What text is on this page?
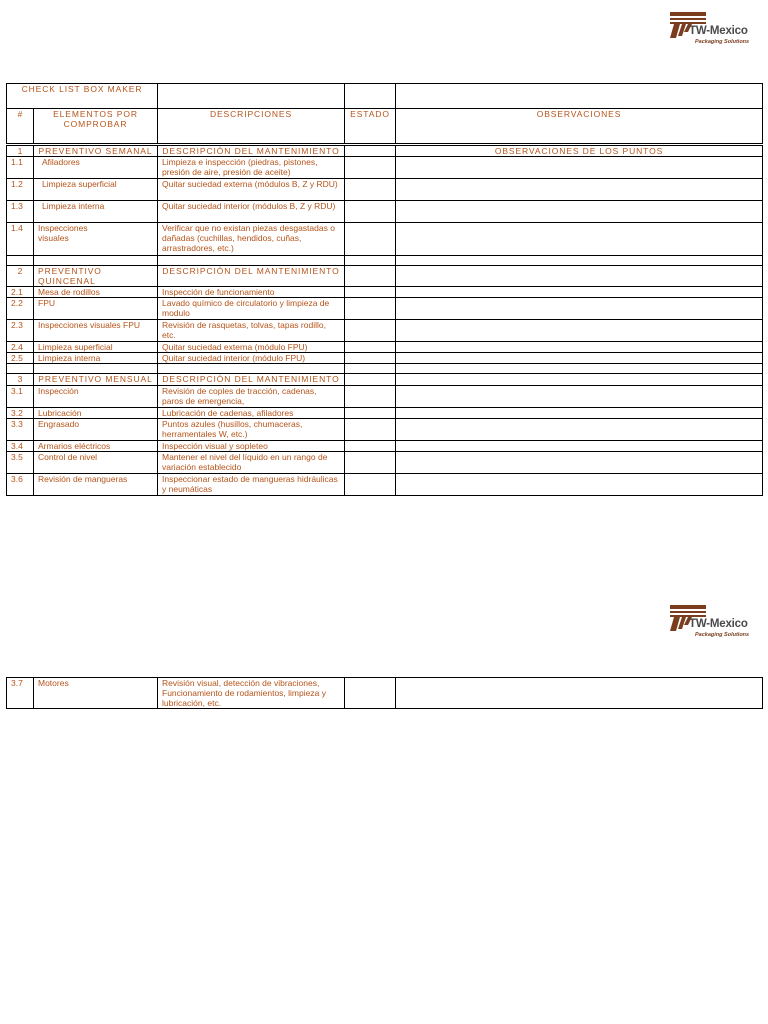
TW-Mexico
Packaging Solutions
CHECK LIST BOX MAKER				
#	ELEMENTOS POR COMPROBAR	DESCRIPCIONES	ESTADO	OBSERVACIONES
1	PREVENTIVO SEMANAL	DESCRIPCIÓN DEL MANTENIMIENTO		OBSERVACIONES DE LOS PUNTOS
1.1	Afiladores	Limpieza e inspección (piedras, pistones, presión de aire, presión de aceite)		
1.2	Limpieza superficial	Quitar suciedad externa (módulos B, Z y RDU)		
1.3	Limpieza interna	Quitar suciedad interior (módulos B, Z y RDU)		
1.4	Inspecciones visuales	Verificar que no existan piezas desgastadas o dañadas (cuchillas, hendidos, cuñas, arrastradores, etc.)		

2	PREVENTIVO QUINCENAL	DESCRIPCIÓN DEL MANTENIMIENTO		
2.1	Mesa de rodillos	Inspección de funcionamiento		
2.2	FPU	Lavado químico de circulatorio y limpieza de modulo		
2.3	Inspecciones visuales FPU	Revisión de rasquetas, tolvas, tapas rodillo, etc.		
2.4	Limpieza superficial	Quitar suciedad externa (módulo FPU)		
2.5	Limpieza interna	Quitar suciedad interior (módulo FPU)		

3	PREVENTIVO MENSUAL	DESCRIPCIÓN DEL MANTENIMIENTO		
3.1	Inspección	Revisión de coples de tracción, cadenas, paros de emergencia,		
3.2	Lubricación	Lubricación de cadenas, afiladores		
3.3	Engrasado	Puntos azules (husillos, chumaceras, herramentales W, etc.)		
3.4	Armarios eléctricos	Inspección visual y sopleteo		
3.5	Control de nivel	Mantener el nivel del líquido en un rango de variación establecido		
3.6	Revisión de mangueras	Inspeccionar estado de mangueras hidráulicas y neumáticas		
TW-Mexico
Packaging Solutions
3.7	Motores	Revisión visual, detección de vibraciones, Funcionamiento de rodamientos, limpieza y lubricación, etc.		
